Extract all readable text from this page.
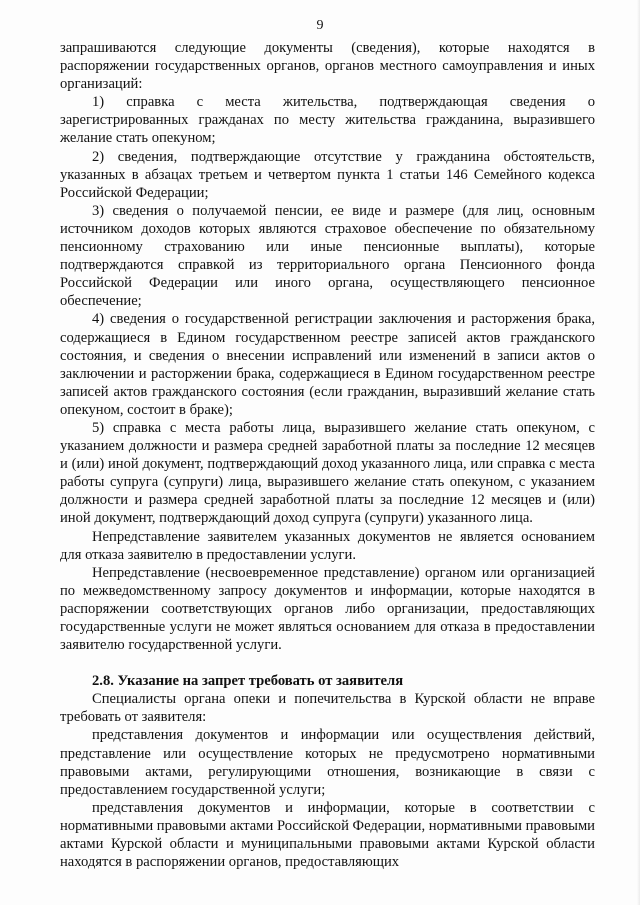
9

запрашиваются следующие документы (сведения), которые находятся в распоряжении государственных органов, органов местного самоуправления и иных организаций:

1) справка с места жительства, подтверждающая сведения о зарегистрированных гражданах по месту жительства гражданина, выразившего желание стать опекуном;

2) сведения, подтверждающие отсутствие у гражданина обстоятельств, указанных в абзацах третьем и четвертом пункта 1 статьи 146 Семейного кодекса Российской Федерации;

3) сведения о получаемой пенсии, ее виде и размере (для лиц, основным источником доходов которых являются страховое обеспечение по обязательному пенсионному страхованию или иные пенсионные выплаты), которые подтверждаются справкой из территориального органа Пенсионного фонда Российской Федерации или иного органа, осуществляющего пенсионное обеспечение;

4) сведения о государственной регистрации заключения и расторжения брака, содержащиеся в Едином государственном реестре записей актов гражданского состояния, и сведения о внесении исправлений или изменений в записи актов о заключении и расторжении брака, содержащиеся в Едином государственном реестре записей актов гражданского состояния (если гражданин, выразивший желание стать опекуном, состоит в браке);

5) справка с места работы лица, выразившего желание стать опекуном, с указанием должности и размера средней заработной платы за последние 12 месяцев и (или) иной документ, подтверждающий доход указанного лица, или справка с места работы супруга (супруги) лица, выразившего желание стать опекуном, с указанием должности и размера средней заработной платы за последние 12 месяцев и (или) иной документ, подтверждающий доход супруга (супруги) указанного лица.

Непредставление заявителем указанных документов не является основанием для отказа заявителю в предоставлении услуги.

Непредставление (несвоевременное представление) органом или организацией по межведомственному запросу документов и информации, которые находятся в распоряжении соответствующих органов либо организации, предоставляющих государственные услуги не может являться основанием для отказа в предоставлении заявителю государственной услуги.

2.8. Указание на запрет требовать от заявителя

Специалисты органа опеки и попечительства в Курской области не вправе требовать от заявителя:

представления документов и информации или осуществления действий, представление или осуществление которых не предусмотрено нормативными правовыми актами, регулирующими отношения, возникающие в связи с предоставлением государственной услуги;

представления документов и информации, которые в соответствии с нормативными правовыми актами Российской Федерации, нормативными правовыми актами Курской области и муниципальными правовыми актами Курской области находятся в распоряжении органов, предоставляющих
